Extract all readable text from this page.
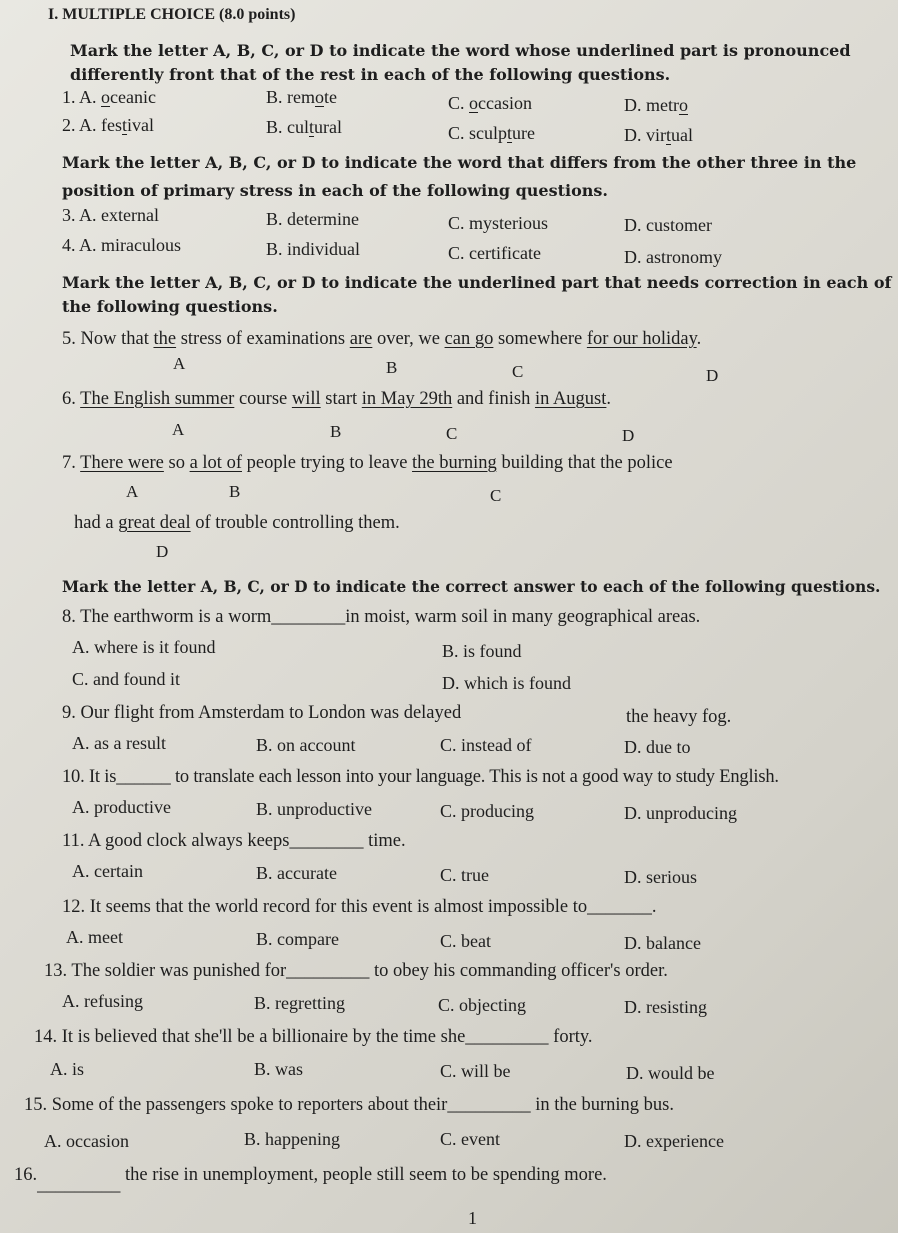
I. MULTIPLE CHOICE (8.0 points)
Mark the letter A, B, C, or D to indicate the word whose underlined part is pronounced
differently front that of the rest in each of the following questions.
1. A. oceanic	B. remote	C. occasion	D. metro
2. A. festival	B. cultural	C. sculpture	D. virtual
Mark the letter A, B, C, or D to indicate the word that differs from the other three in the
position of primary stress in each of the following questions.
3. A. external	B. determine	C. mysterious	D. customer
4. A. miraculous	B. individual	C. certificate	D. astronomy
Mark the letter A, B, C, or D to indicate the underlined part that needs correction in each of
the following questions.
5. Now that the stress of examinations are over, we can go somewhere for our holiday.
A	B	C	D
6. The English summer course will start in May 29th and finish in August.
A	B	C	D
7. There were so a lot of people trying to leave the burning building that the police
A	B	C
had a great deal of trouble controlling them.
D
Mark the letter A, B, C, or D to indicate the correct answer to each of the following questions.
8. The earthworm is a worm________in moist, warm soil in many geographical areas.
A. where is it found	B. is found
C. and found it	D. which is found
9. Our flight from Amsterdam to London was delayed	the heavy fog.
A. as a result	B. on account	C. instead of	D. due to
10. It is______ to translate each lesson into your language. This is not a good way to study English.
A. productive	B. unproductive	C. producing	D. unproducing
11. A good clock always keeps________ time.
A. certain	B. accurate	C. true	D. serious
12. It seems that the world record for this event is almost impossible to_______.
A. meet	B. compare	C. beat	D. balance
13. The soldier was punished for_________ to obey his commanding officer's order.
A. refusing	B. regretting	C. objecting	D. resisting
14. It is believed that she'll be a billionaire by the time she_________ forty.
A. is	B. was	C. will be	D. would be
15. Some of the passengers spoke to reporters about their_________ in the burning bus.
A. occasion	B. happening	C. event	D. experience
16._________ the rise in unemployment, people still seem to be spending more.
1
